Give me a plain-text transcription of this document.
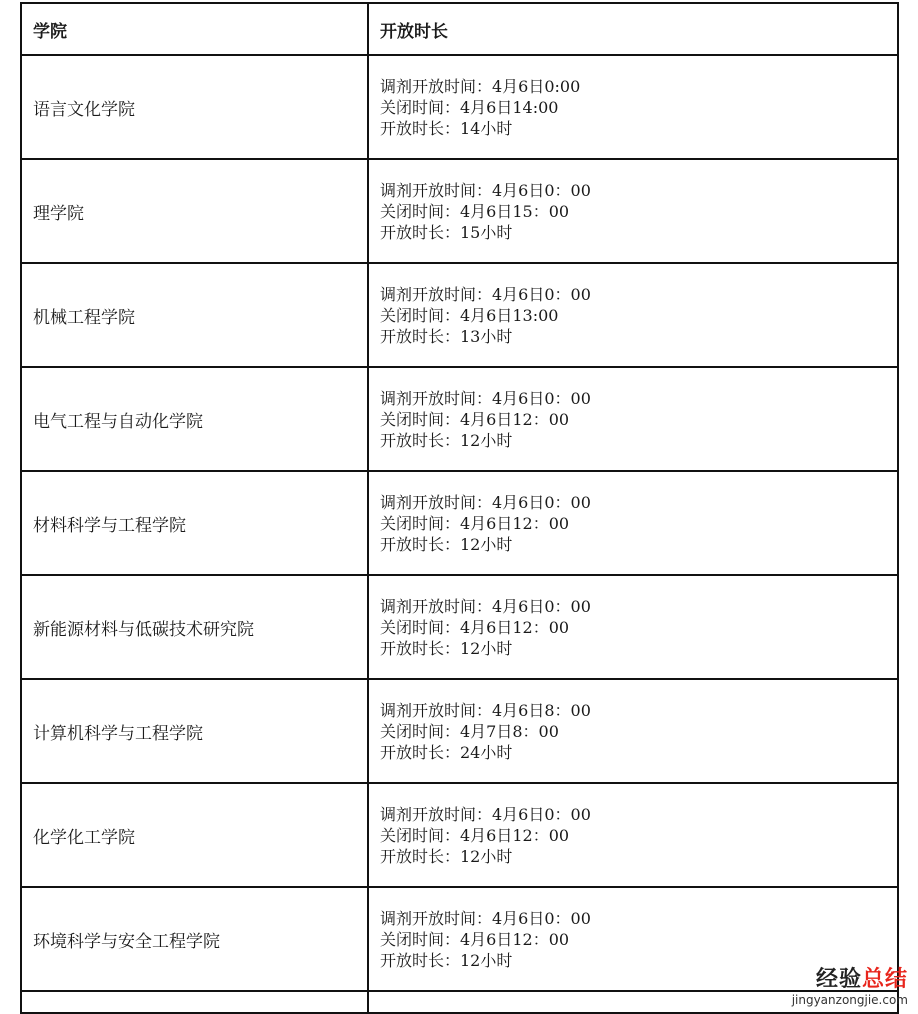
学院	开放时长
语言文化学院	调剂开放时间：4月6日0:00
关闭时间：4月6日14:00
开放时长：14小时

理学院	调剂开放时间：4月6日0：00
关闭时间：4月6日15：00
开放时长：15小时

机械工程学院	调剂开放时间：4月6日0：00
关闭时间：4月6日13:00
开放时长：13小时

电气工程与自动化学院	调剂开放时间：4月6日0：00
关闭时间：4月6日12：00
开放时长：12小时

材料科学与工程学院	调剂开放时间：4月6日0：00
关闭时间：4月6日12：00
开放时长：12小时

新能源材料与低碳技术研究院	调剂开放时间：4月6日0：00
关闭时间：4月6日12：00
开放时长：12小时

计算机科学与工程学院	调剂开放时间：4月6日8：00
关闭时间：4月7日8：00
开放时长：24小时

化学化工学院	调剂开放时间：4月6日0：00
关闭时间：4月6日12：00
开放时长：12小时

环境科学与安全工程学院	调剂开放时间：4月6日0：00
关闭时间：4月6日12：00
开放时长：12小时

经验总结
jingyanzongjie.com
